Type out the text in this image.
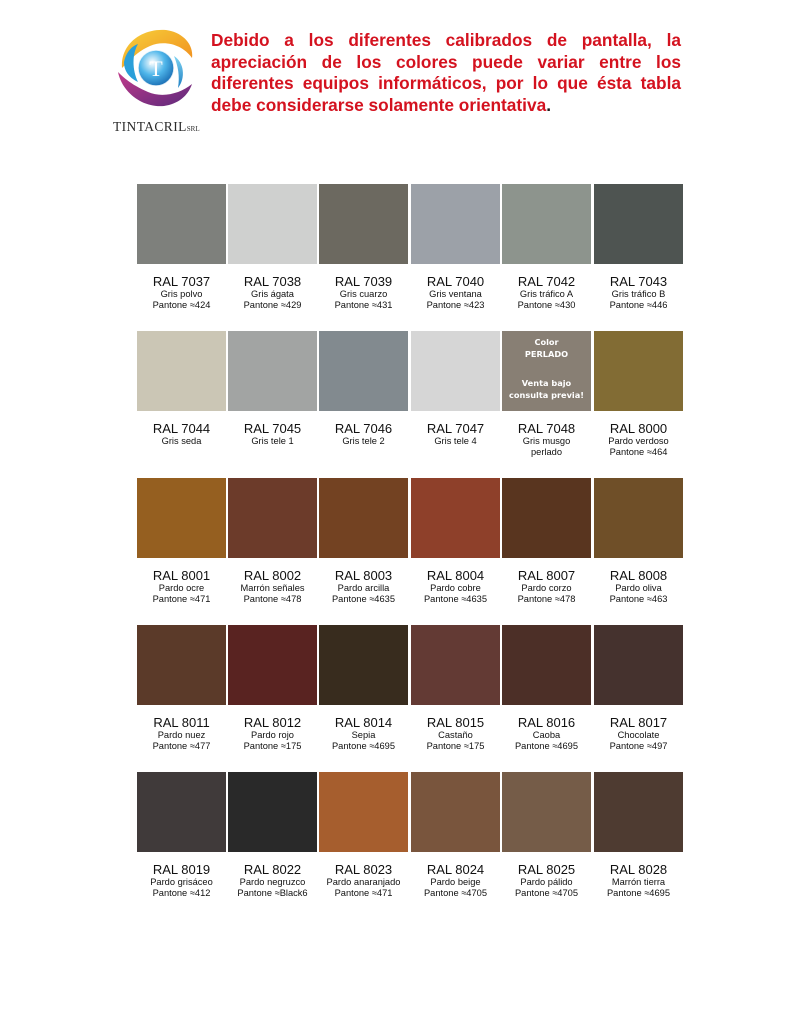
T
TINTACRILSRL

Debido a los diferentes calibrados de pantalla, la apreciación de los colores puede variar entre los diferentes equipos informáticos, por lo que ésta tabla debe considerarse solamente orientativa.

RAL 7037
Gris polvo
Pantone ≈424
RAL 7038
Gris ágata
Pantone ≈429
RAL 7039
Gris cuarzo
Pantone ≈431
RAL 7040
Gris ventana
Pantone ≈423
RAL 7042
Gris tráfico A
Pantone ≈430
RAL 7043
Gris tráfico B
Pantone ≈446
RAL 7044
Gris seda
RAL 7045
Gris tele 1
RAL 7046
Gris tele 2
RAL 7047
Gris tele 4
Color
PERLADO
Venta bajo
consulta previa!
RAL 7048
Gris musgo
perlado
RAL 8000
Pardo verdoso
Pantone ≈464
RAL 8001
Pardo ocre
Pantone ≈471
RAL 8002
Marrón señales
Pantone ≈478
RAL 8003
Pardo arcilla
Pantone ≈4635
RAL 8004
Pardo cobre
Pantone ≈4635
RAL 8007
Pardo corzo
Pantone ≈478
RAL 8008
Pardo oliva
Pantone ≈463
RAL 8011
Pardo nuez
Pantone ≈477
RAL 8012
Pardo rojo
Pantone ≈175
RAL 8014
Sepia
Pantone ≈4695
RAL 8015
Castaño
Pantone ≈175
RAL 8016
Caoba
Pantone ≈4695
RAL 8017
Chocolate
Pantone ≈497
RAL 8019
Pardo grisáceo
Pantone ≈412
RAL 8022
Pardo negruzco
Pantone ≈Black6
RAL 8023
Pardo anaranjado
Pantone ≈471
RAL 8024
Pardo beige
Pantone ≈4705
RAL 8025
Pardo pálido
Pantone ≈4705
RAL 8028
Marrón tierra
Pantone ≈4695
